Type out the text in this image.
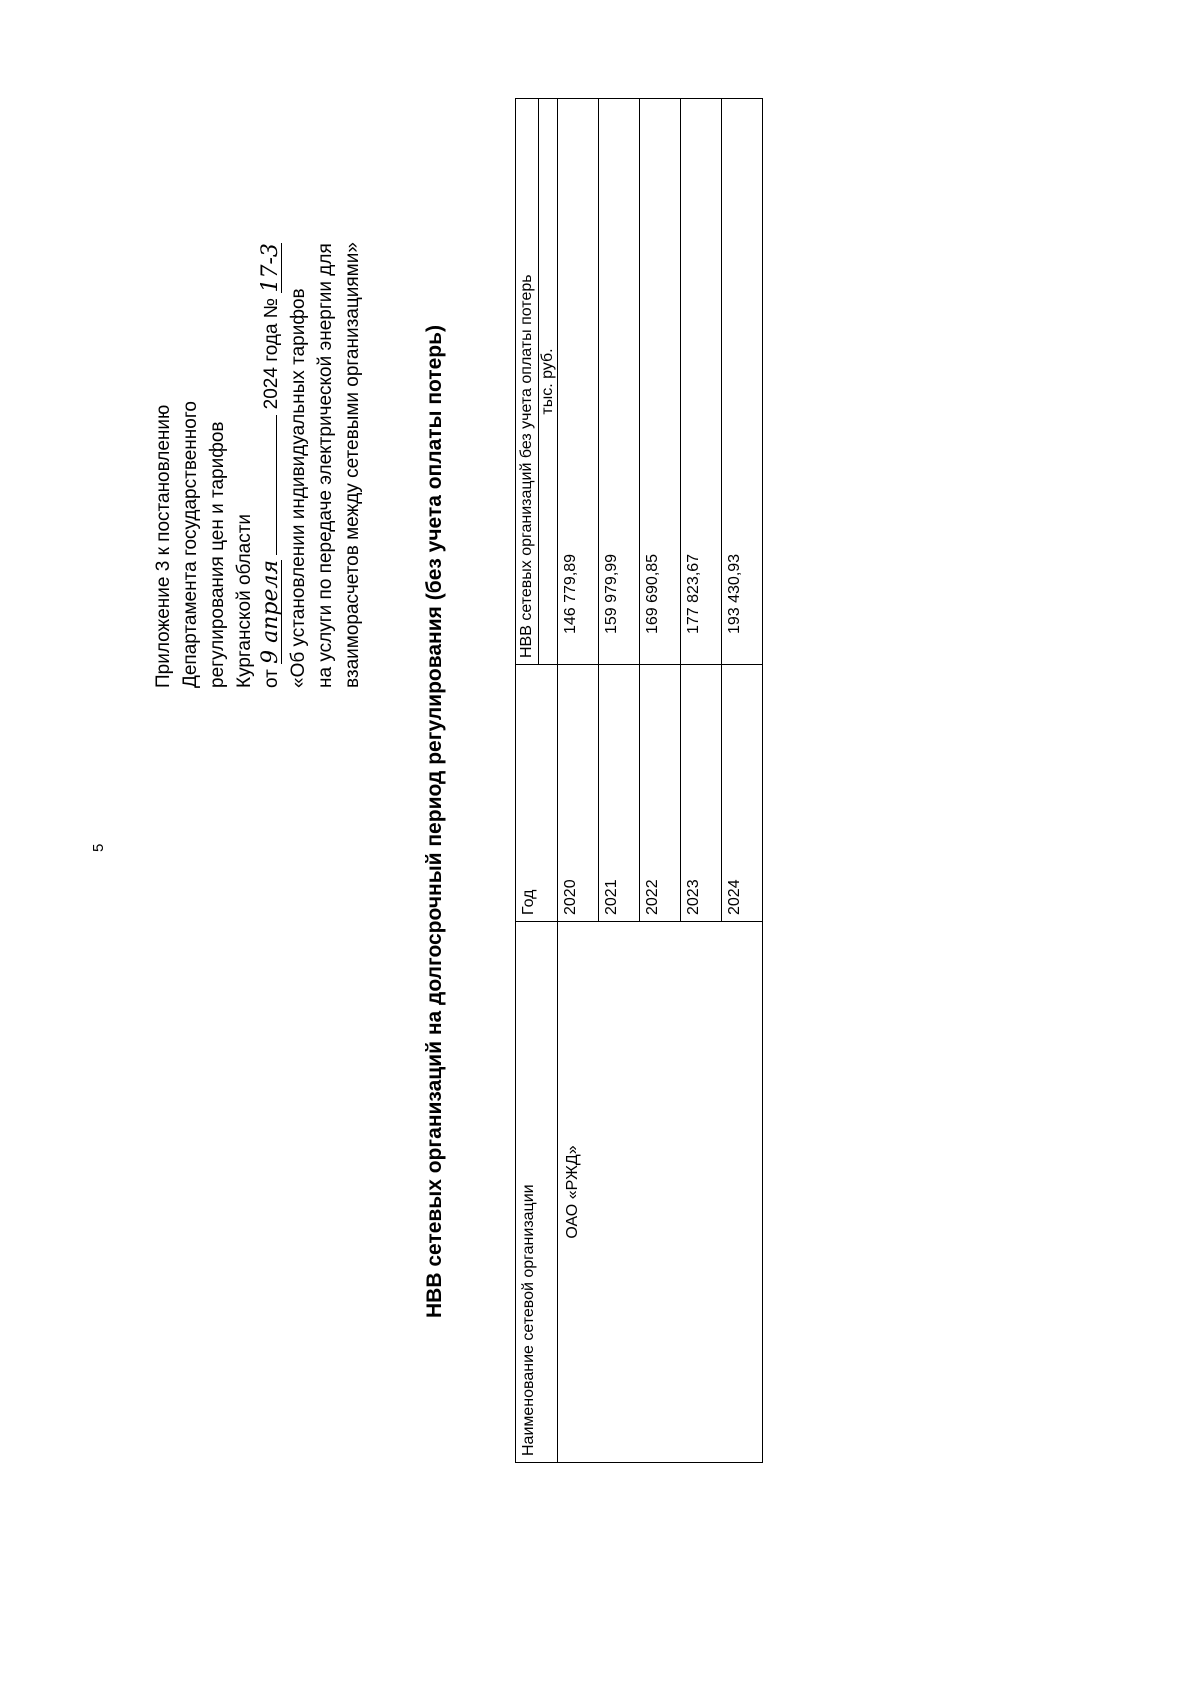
5
Приложение 3 к постановлению Департамента государственного регулирования цен и тарифов Курганской области от 9 апреля  2024 года № 17-3
«Об установлении индивидуальных тарифов на услуги по передаче электрической энергии для взаиморасчетов между сетевыми организациями»	НВВ сетевых организаций на долгосрочный период регулирования (без учета оплаты потерь)
Наименование сетевой организации	Год	НВВ сетевых организаций без учета оплаты потерь
		тыс. руб.
ОАО «РЖД»	2020	146 779,89
	2021	159 979,99
	2022	169 690,85
	2023	177 823,67
	2024	193 430,93
